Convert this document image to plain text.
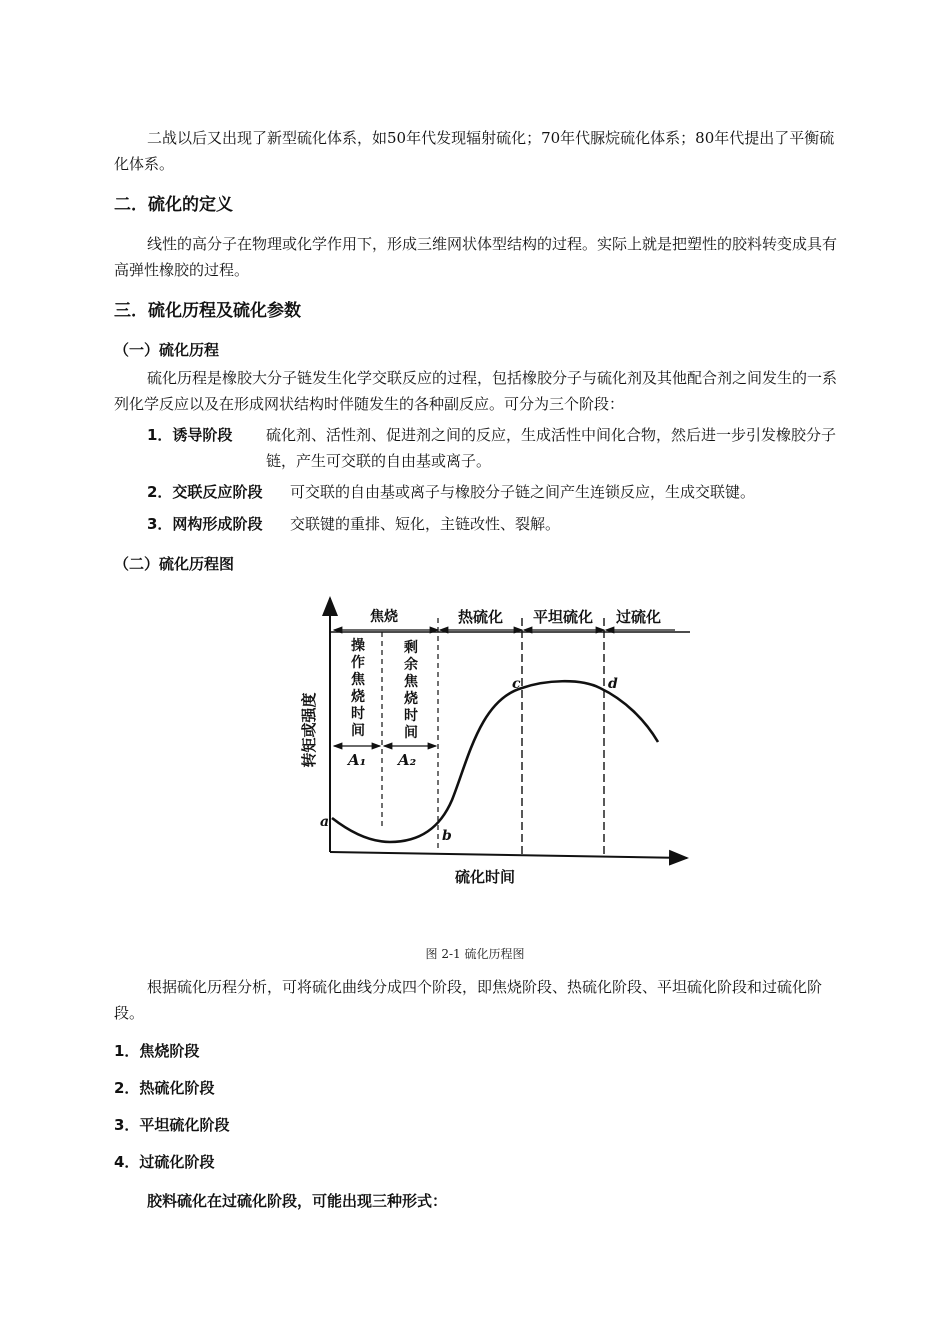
二战以后又出现了新型硫化体系，如50年代发现辐射硫化；70年代脲烷硫化体系；80年代提出了平衡硫化体系。

二．硫化的定义

线性的高分子在物理或化学作用下，形成三维网状体型结构的过程。实际上就是把塑性的胶料转变成具有高弹性橡胶的过程。

三．硫化历程及硫化参数
（一）硫化历程

硫化历程是橡胶大分子链发生化学交联反应的过程，包括橡胶分子与硫化剂及其他配合剂之间发生的一系列化学反应以及在形成网状结构时伴随发生的各种副反应。可分为三个阶段：

1．诱导阶段 硫化剂、活性剂、促进剂之间的反应，生成活性中间化合物，然后进一步引发橡胶分子链，产生可交联的自由基或离子。
2．交联反应阶段 可交联的自由基或离子与橡胶分子链之间产生连锁反应，生成交联键。
3．网构形成阶段 交联键的重排、短化，主链改性、裂解。
（二）硫化历程图
焦烧	热硫化 平坦硫化 过硫化
操
作
焦
烧
时
间
剩
余
焦
烧
时
间
转矩或强度 A₁ A₂
a
b
c	d
硫化时间
图 2-1 硫化历程图

根据硫化历程分析，可将硫化曲线分成四个阶段，即焦烧阶段、热硫化阶段、平坦硫化阶段和过硫化阶段。

1．焦烧阶段
2．热硫化阶段
3．平坦硫化阶段
4．过硫化阶段
胶料硫化在过硫化阶段，可能出现三种形式：
